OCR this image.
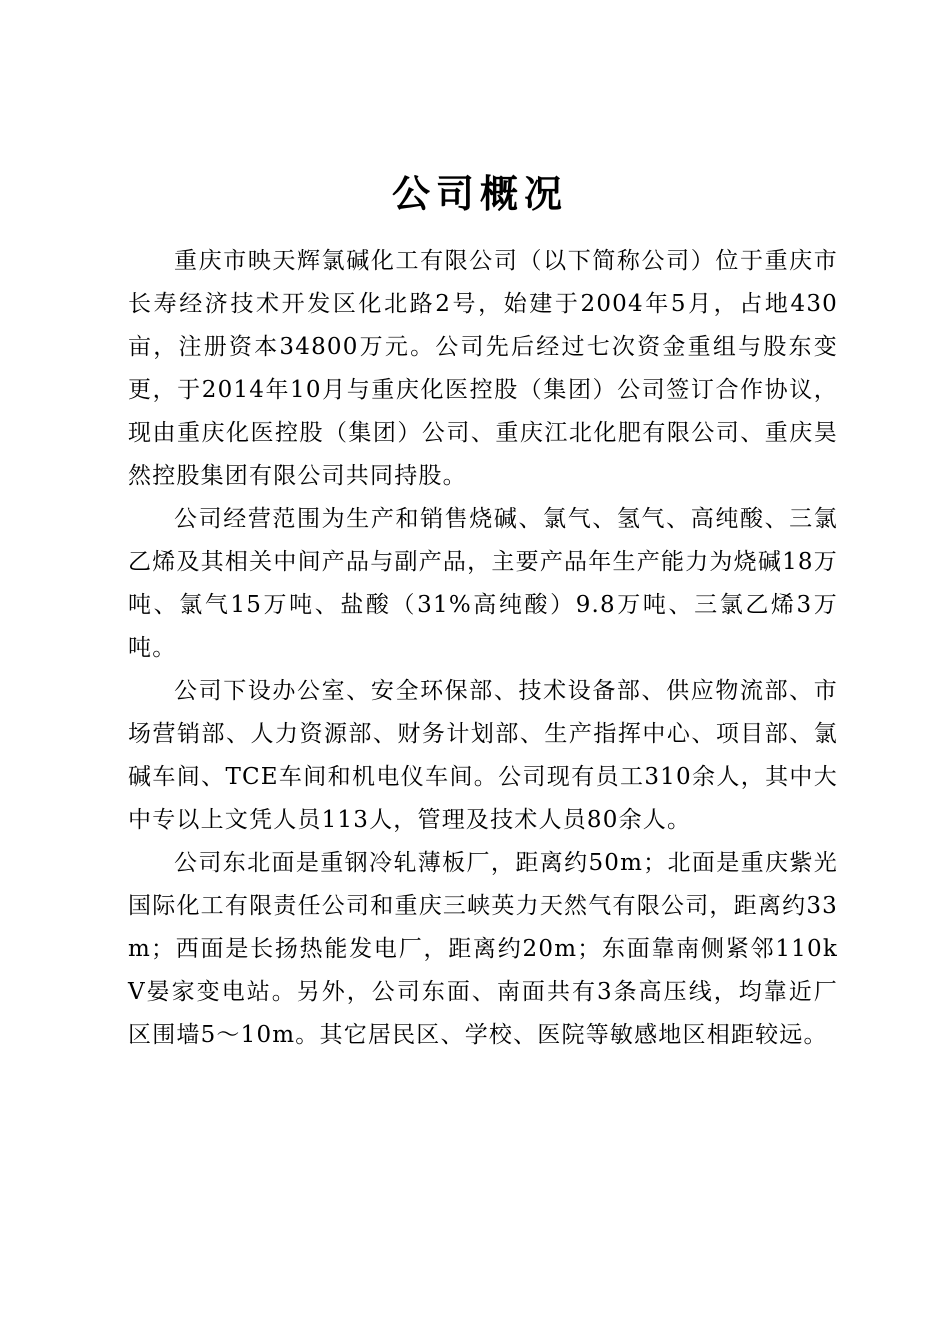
公司概况

重庆市映天辉氯碱化工有限公司（以下简称公司）位于重庆市长寿经济技术开发区化北路2号，始建于2004年5月，占地430亩，注册资本34800万元。公司先后经过七次资金重组与股东变更，于2014年10月与重庆化医控股（集团）公司签订合作协议，现由重庆化医控股（集团）公司、重庆江北化肥有限公司、重庆昊然控股集团有限公司共同持股。

公司经营范围为生产和销售烧碱、氯气、氢气、高纯酸、三氯乙烯及其相关中间产品与副产品，主要产品年生产能力为烧碱18万吨、氯气15万吨、盐酸（31%高纯酸）9.8万吨、三氯乙烯3万吨。

公司下设办公室、安全环保部、技术设备部、供应物流部、市场营销部、人力资源部、财务计划部、生产指挥中心、项目部、氯碱车间、TCE车间和机电仪车间。公司现有员工310余人，其中大中专以上文凭人员113人，管理及技术人员80余人。

公司东北面是重钢冷轧薄板厂，距离约50m；北面是重庆紫光国际化工有限责任公司和重庆三峡英力天然气有限公司，距离约33m；西面是长扬热能发电厂，距离约20m；东面靠南侧紧邻110kV晏家变电站。另外，公司东面、南面共有3条高压线，均靠近厂区围墙5～10m。其它居民区、学校、医院等敏感地区相距较远。
